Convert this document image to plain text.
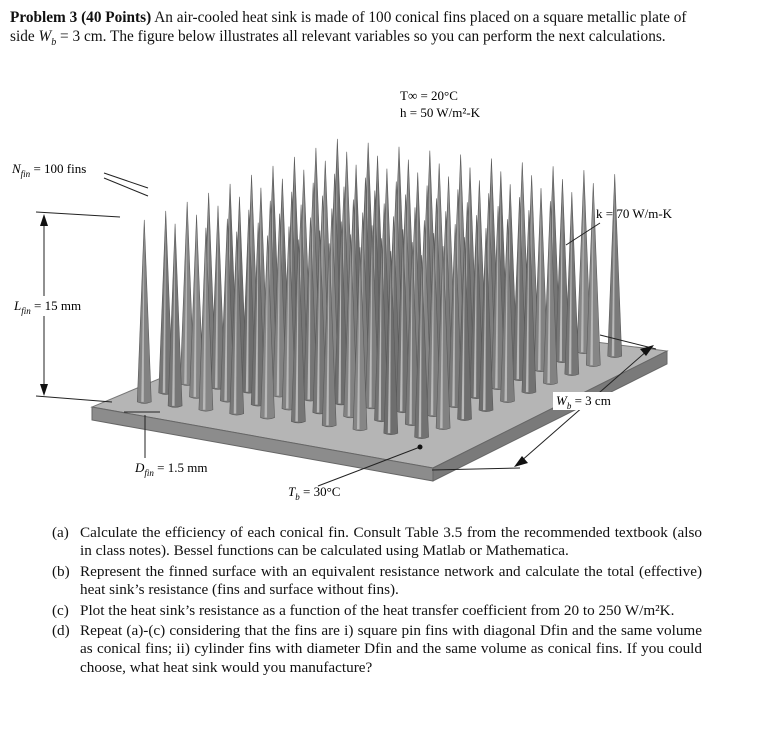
Problem 3 (40 Points) An air-cooled heat sink is made of 100 conical fins placed on a square metallic plate of side $W_b = 3$ cm. The figure below illustrates all relevant variables so you can perform the next calculations.
T∞ = 20°C
h = 50 W/m²-K
$N_{fin} = 100$ fins
k = 70 W/m-K
$L_{fin} = 15$ mm
$W_b = 3$ cm
$D_{fin} = 1.5$ mm
$T_b = 30^\circ C$
(a) Calculate the efficiency of each conical fin. Consult Table 3.5 from the recommended textbook (also in class notes). Bessel functions can be calculated using Matlab or Mathematica.
(b) Represent the finned surface with an equivalent resistance network and calculate the total (effective) heat sink’s resistance (fins and surface without fins).
(c) Plot the heat sink’s resistance as a function of the heat transfer coefficient from 20 to 250 W/m²K.
(d) Repeat (a)-(c) considering that the fins are i) square pin fins with diagonal Dfin and the same volume as conical fins; ii) cylinder fins with diameter Dfin and the same volume as conical fins. If you could choose, what heat sink would you manufacture?
